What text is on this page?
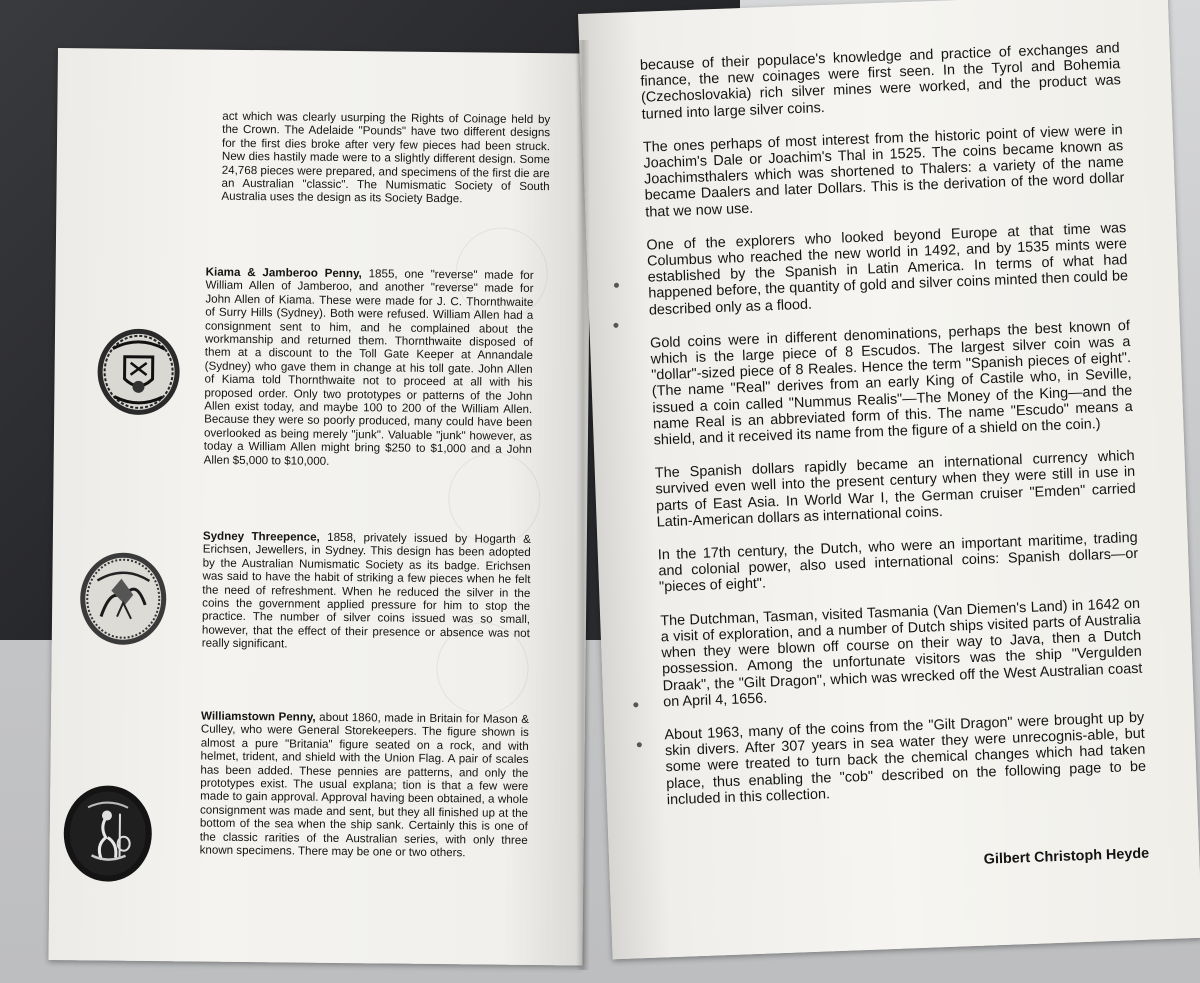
act which was clearly usurping the Rights of Coinage held by the Crown. The Adelaide "Pounds" have two different designs for the first dies broke after very few pieces had been struck. New dies hastily made were to a slightly different design. Some 24,768 pieces were prepared, and specimens of the first die are an Australian "classic". The Numismatic Society of South Australia uses the design as its Society Badge.

Kiama & Jamberoo Penny, 1855, one "reverse" made for William Allen of Jamberoo, and another "reverse" made for John Allen of Kiama. These were made for J. C. Thornthwaite of Surry Hills (Sydney). Both were refused. William Allen had a consignment sent to him, and he complained about the workmanship and returned them. Thornthwaite disposed of them at a discount to the Toll Gate Keeper at Annandale (Sydney) who gave them in change at his toll gate. John Allen of Kiama told Thornthwaite not to proceed at all with his proposed order. Only two prototypes or patterns of the John Allen exist today, and maybe 100 to 200 of the William Allen. Because they were so poorly produced, many could have been overlooked as being merely "junk". Valuable "junk" however, as today a William Allen might bring $250 to $1,000 and a John Allen $5,000 to $10,000.

Sydney Threepence, 1858, privately issued by Hogarth & Erichsen, Jewellers, in Sydney. This design has been adopted by the Australian Numismatic Society as its badge. Erichsen was said to have the habit of striking a few pieces when he felt the need of refreshment. When he reduced the silver in the coins the government applied pressure for him to stop the practice. The number of silver coins issued was so small, however, that the effect of their presence or absence was not really significant.

Williamstown Penny, about 1860, made in Britain for Mason & Culley, who were General Storekeepers. The figure shown is almost a pure "Britania" figure seated on a rock, and with helmet, trident, and shield with the Union Flag. A pair of scales has been added. These pennies are patterns, and only the prototypes exist. The usual explana; tion is that a few were made to gain approval. Approval having been obtained, a whole consignment was made and sent, but they all finished up at the bottom of the sea when the ship sank. Certainly this is one of the classic rarities of the Australian series, with only three known specimens. There may be one or two others.

because of their populace's knowledge and practice of exchanges and finance, the new coinages were first seen. In the Tyrol and Bohemia (Czechoslovakia) rich silver mines were worked, and the product was turned into large silver coins.

The ones perhaps of most interest from the historic point of view were in Joachim's Dale or Joachim's Thal in 1525. The coins became known as Joachimsthalers which was shortened to Thalers: a variety of the name became Daalers and later Dollars. This is the derivation of the word dollar that we now use.

One of the explorers who looked beyond Europe at that time was Columbus who reached the new world in 1492, and by 1535 mints were established by the Spanish in Latin America. In terms of what had happened before, the quantity of gold and silver coins minted then could be described only as a flood.

Gold coins were in different denominations, perhaps the best known of which is the large piece of 8 Escudos. The largest silver coin was a "dollar"-sized piece of 8 Reales. Hence the term "Spanish pieces of eight". (The name "Real" derives from an early King of Castile who, in Seville, issued a coin called "Nummus Realis"—The Money of the King—and the name Real is an abbreviated form of this. The name "Escudo" means a shield, and it received its name from the figure of a shield on the coin.)

The Spanish dollars rapidly became an international currency which survived even well into the present century when they were still in use in parts of East Asia. In World War I, the German cruiser "Emden" carried Latin-American dollars as international coins.

In the 17th century, the Dutch, who were an important maritime, trading and colonial power, also used international coins: Spanish dollars—or "pieces of eight".

The Dutchman, Tasman, visited Tasmania (Van Diemen's Land) in 1642 on a visit of exploration, and a number of Dutch ships visited parts of Australia when they were blown off course on their way to Java, then a Dutch possession. Among the unfortunate visitors was the ship "Vergulden Draak", the "Gilt Dragon", which was wrecked off the West Australian coast on April 4, 1656.

About 1963, many of the coins from the "Gilt Dragon" were brought up by skin divers. After 307 years in sea water they were unrecognis-able, but some were treated to turn back the chemical changes which had taken place, thus enabling the "cob" described on the following page to be included in this collection.

Gilbert Christoph Heyde
